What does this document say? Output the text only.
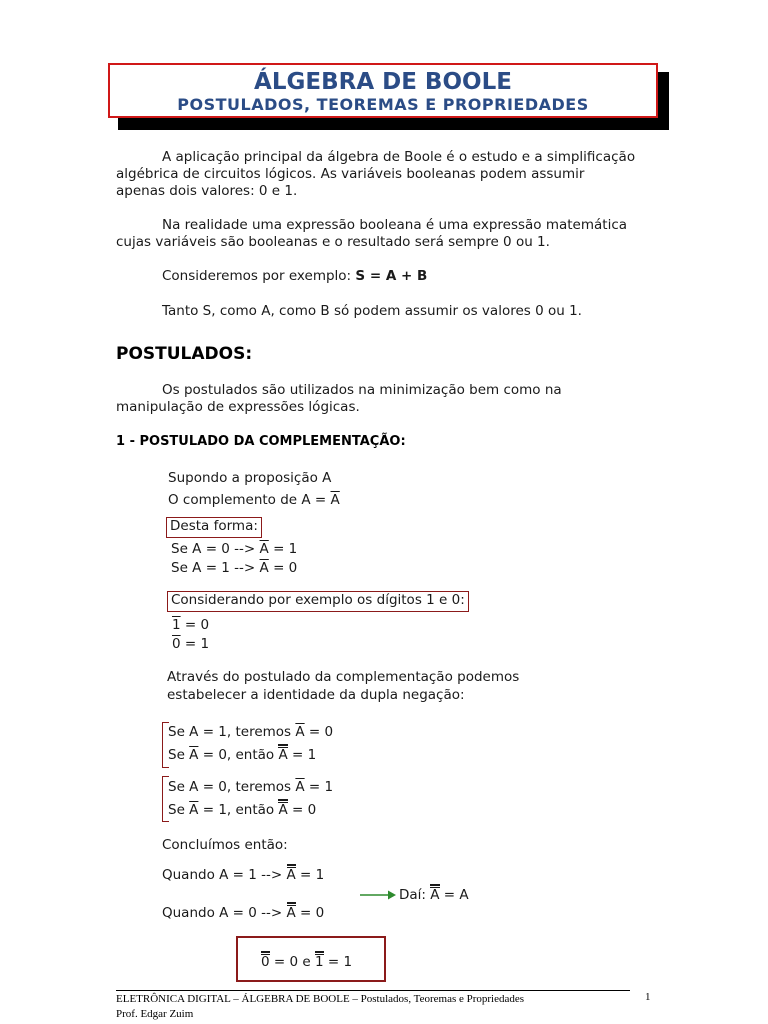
ÁLGEBRA DE BOOLE
POSTULADOS, TEOREMAS E PROPRIEDADES
A aplicação principal da álgebra de Boole é o estudo e a simplificação algébrica de circuitos lógicos. As variáveis booleanas podem assumir apenas dois valores: 0 e 1.
Na realidade uma expressão booleana é uma expressão matemática cujas variáveis são booleanas e o resultado será sempre 0 ou 1.
Consideremos por exemplo: S = A + B
Tanto S, como A, como B só podem assumir os valores 0 ou 1.
POSTULADOS:
Os postulados são utilizados na minimização bem como na manipulação de expressões lógicas.
1 - POSTULADO DA COMPLEMENTAÇÃO:
Supondo a proposição A
O complemento de $A = \overline{A}$
Desta forma:
Se A = 0 --> $\overline{A} = 1$
Se A = 1 --> $\overline{A} = 0$
Considerando por exemplo os dígitos 1 e 0:
1 = 0
0 = 1
Através do postulado da complementação podemos
estabelecer a identidade da dupla negação:
Se A = 1, teremos $\overline{A} = 0$
Se $\overline{A} = 0$, então A = 1
Se A = 0, teremos $\overline{A} = 1$
Se $\overline{A} = 1$, então A = 0
Concluímos então:
Quando A = 1 --> A = 1
Daí: A = A
Quando A = 0 --> A = 0
0 = 0 e 1 = 1
ELETRÔNICA DIGITAL – ÁLGEBRA DE BOOLE – Postulados, Teoremas e Propriedades
Prof. Edgar Zuim
1
